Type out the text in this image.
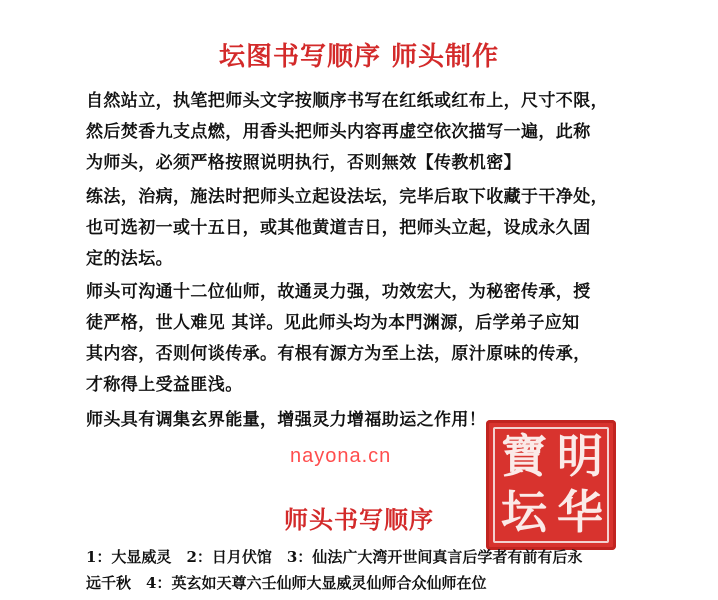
坛图书写顺序 师头制作
自然站立，执笔把师头文字按顺序书写在红纸或红布上，尺寸不限，
然后焚香九支点燃，用香头把师头内容再虚空依次描写一遍，此称
为师头，必须严格按照说明执行，否则無效【传教机密】
练法，治病，施法时把师头立起设法坛，完毕后取下收藏于干净处，
也可选初一或十五日，或其他黄道吉日，把师头立起，设成永久固
定的法坛。
师头可沟通十二位仙师，故通灵力强，功效宏大，为秘密传承，授
徒严格，世人难见 其详。见此师头均为本門渊源，后学弟子应知
其内容，否则何谈传承。有根有源方为至上法，原汁原味的传承，
才称得上受益匪浅。
师头具有调集玄界能量，增强灵力增福助运之作用！
明
华
寶
坛
nayona.cn
师头书写顺序
1：大显威灵　2：日月伏馆　3：仙法广大湾开世间真言后学者有前有后永
远千秋　4：英玄如天尊六壬仙师大显威灵仙师合众仙师在位
